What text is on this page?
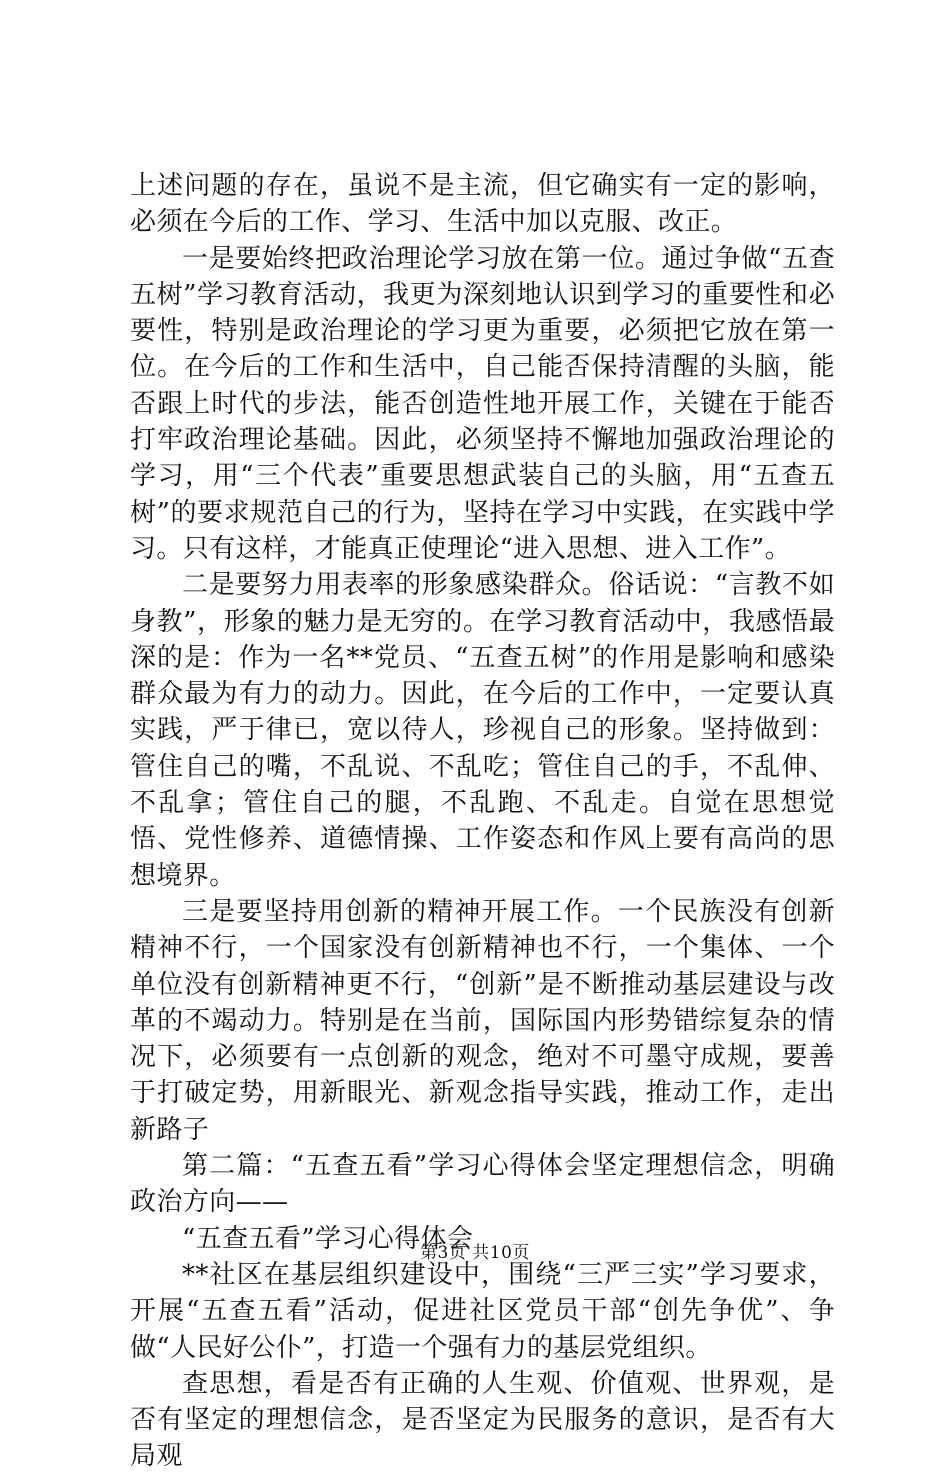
上述问题的存在，虽说不是主流，但它确实有一定的影响，必须在今后的工作、学习、生活中加以克服、改正。

一是要始终把政治理论学习放在第一位。通过争做“五查五树”学习教育活动，我更为深刻地认识到学习的重要性和必要性，特别是政治理论的学习更为重要，必须把它放在第一位。在今后的工作和生活中，自己能否保持清醒的头脑，能否跟上时代的步法，能否创造性地开展工作，关键在于能否打牢政治理论基础。因此，必须坚持不懈地加强政治理论的学习，用“三个代表”重要思想武装自己的头脑，用“五查五树”的要求规范自己的行为，坚持在学习中实践，在实践中学习。只有这样，才能真正使理论“进入思想、进入工作”。

二是要努力用表率的形象感染群众。俗话说：“言教不如身教”，形象的魅力是无穷的。在学习教育活动中，我感悟最深的是：作为一名**党员、“五查五树”的作用是影响和感染群众最为有力的动力。因此，在今后的工作中，一定要认真实践，严于律已，宽以待人，珍视自己的形象。坚持做到：管住自己的嘴，不乱说、不乱吃；管住自己的手，不乱伸、不乱拿；管住自己的腿，不乱跑、不乱走。自觉在思想觉悟、党性修养、道德情操、工作姿态和作风上要有高尚的思想境界。

三是要坚持用创新的精神开展工作。一个民族没有创新精神不行，一个国家没有创新精神也不行，一个集体、一个单位没有创新精神更不行，“创新”是不断推动基层建设与改革的不竭动力。特别是在当前，国际国内形势错综复杂的情况下，必须要有一点创新的观念，绝对不可墨守成规，要善于打破定势，用新眼光、新观念指导实践，推动工作，走出新路子

第二篇：“五查五看”学习心得体会坚定理想信念，明确政治方向——

“五查五看”学习心得体会

**社区在基层组织建设中，围绕“三严三实”学习要求，开展“五查五看”活动，促进社区党员干部“创先争优”、争做“人民好公仆”，打造一个强有力的基层党组织。

查思想，看是否有正确的人生观、价值观、世界观，是否有坚定的理想信念，是否坚定为民服务的意识，是否有大局观

第3页 共10页
